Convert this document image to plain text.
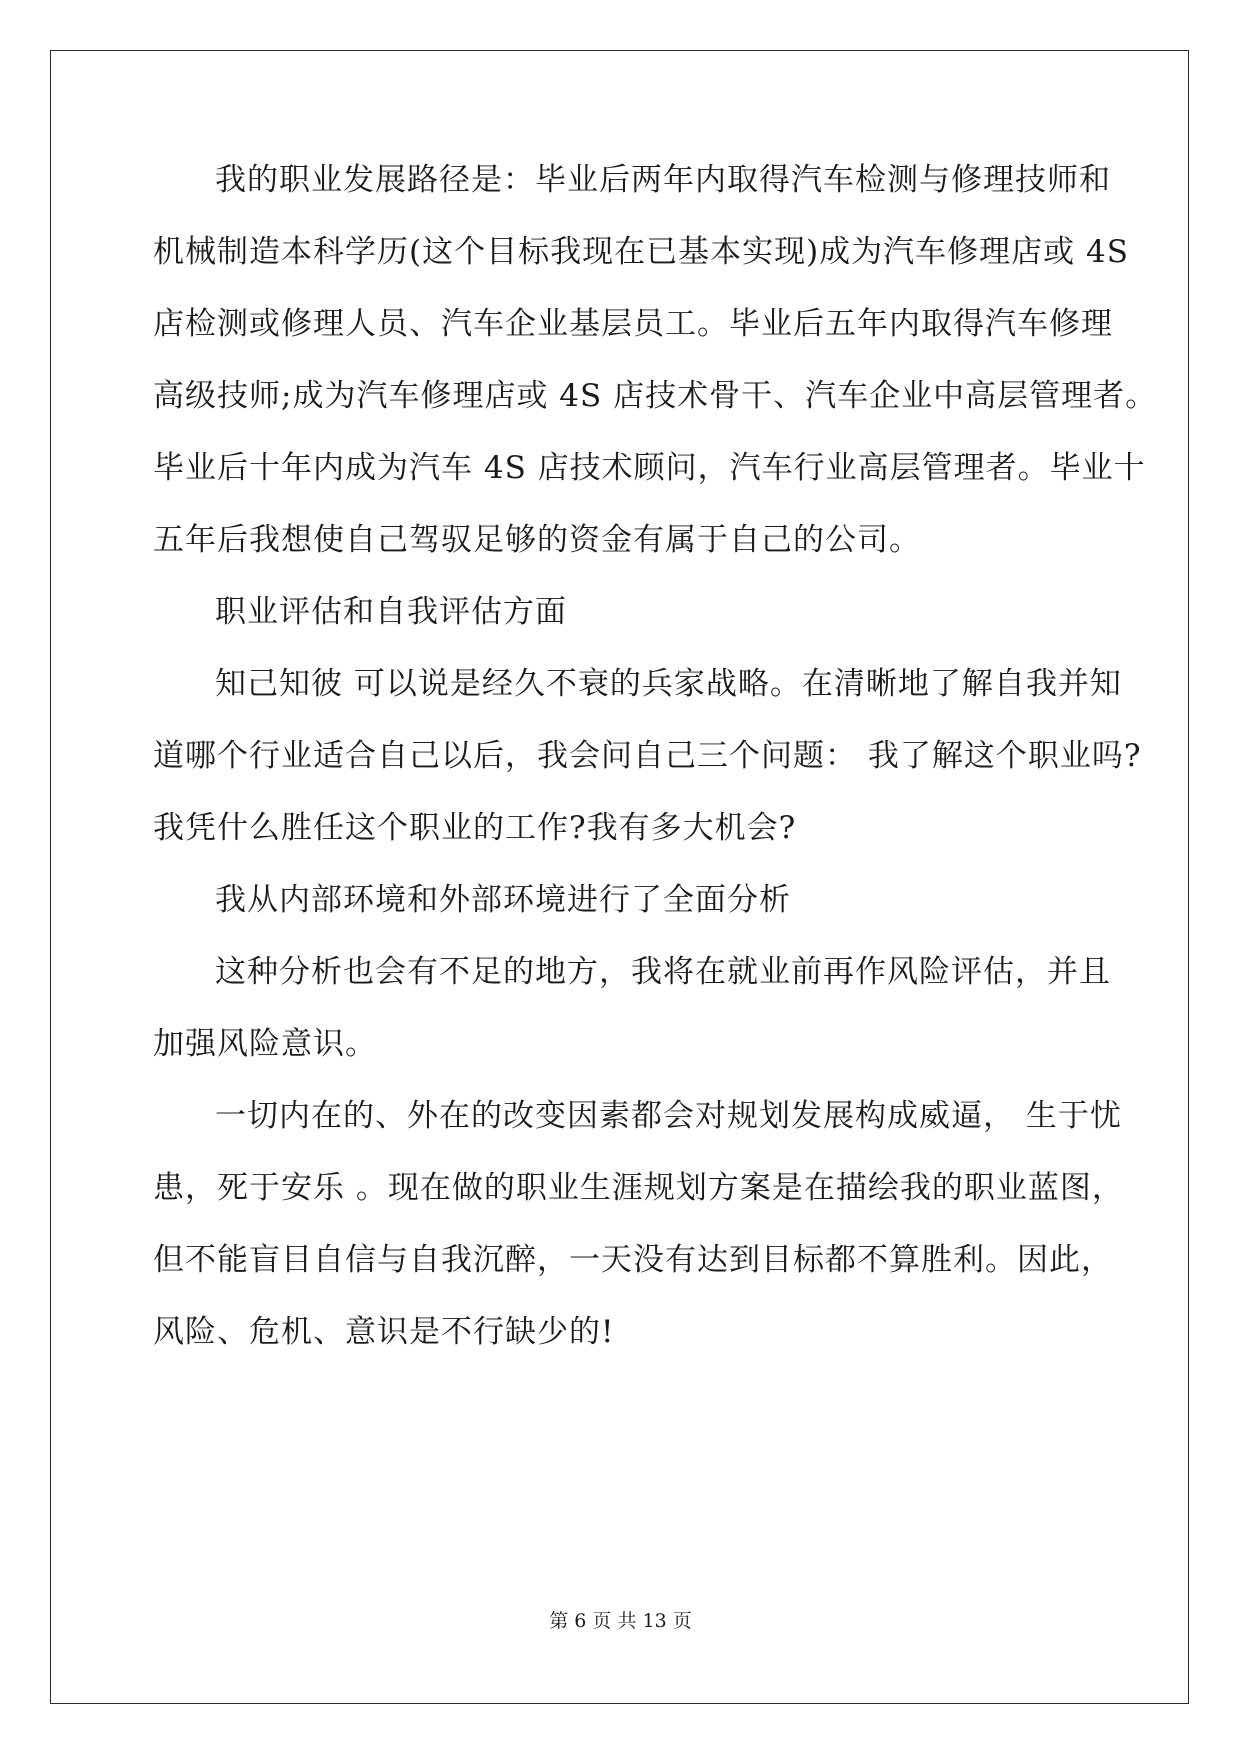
我的职业发展路径是：毕业后两年内取得汽车检测与修理技师和
机械制造本科学历(这个目标我现在已基本实现)成为汽车修理店或 4S
店检测或修理人员、汽车企业基层员工。毕业后五年内取得汽车修理
高级技师;成为汽车修理店或 4S 店技术骨干、汽车企业中高层管理者。
毕业后十年内成为汽车 4S 店技术顾问，汽车行业高层管理者。毕业十
五年后我想使自己驾驭足够的资金有属于自己的公司。
职业评估和自我评估方面
知己知彼 可以说是经久不衰的兵家战略。在清晰地了解自我并知
道哪个行业适合自己以后，我会问自己三个问题： 我了解这个职业吗?
我凭什么胜任这个职业的工作?我有多大机会?
我从内部环境和外部环境进行了全面分析
这种分析也会有不足的地方，我将在就业前再作风险评估，并且
加强风险意识。
一切内在的、外在的改变因素都会对规划发展构成威逼， 生于忧
患，死于安乐 。现在做的职业生涯规划方案是在描绘我的职业蓝图，
但不能盲目自信与自我沉醉，一天没有达到目标都不算胜利。因此，
风险、危机、意识是不行缺少的!
第 6 页 共 13 页
